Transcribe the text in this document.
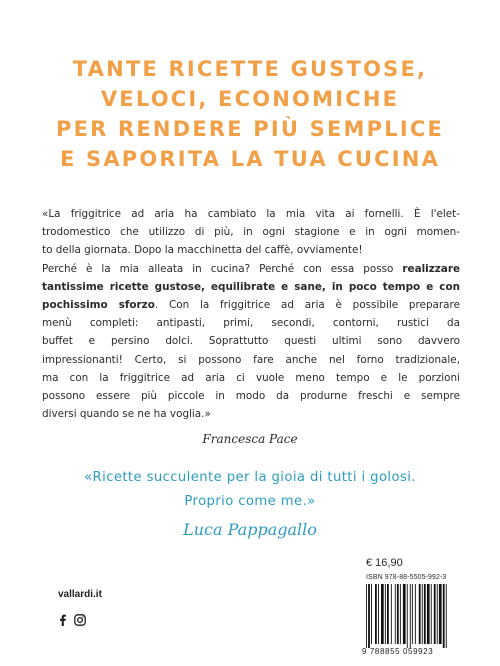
TANTE RICETTE GUSTOSE,
VELOCI, ECONOMICHE
PER RENDERE PIÙ SEMPLICE
E SAPORITA LA TUA CUCINA
«La friggitrice ad aria ha cambiato la mia vita ai fornelli. È l'elet-
trodomestico che utilizzo di più, in ogni stagione e in ogni momen-
to della giornata. Dopo la macchinetta del caffè, ovviamente!
Perché è la mia alleata in cucina? Perché con essa posso realizzare
tantissime ricette gustose, equilibrate e sane, in poco tempo e con
pochissimo sforzo. Con la friggitrice ad aria è possibile preparare
menù completi: antipasti, primi, secondi, contorni, rustici da
buffet e persino dolci. Soprattutto questi ultimi sono davvero
impressionanti! Certo, si possono fare anche nel forno tradizionale,
ma con la friggitrice ad aria ci vuole meno tempo e le porzioni
possono essere più piccole in modo da produrne freschi e sempre
diversi quando se ne ha voglia.»
Francesca Pace
«Ricette succulente per la gioia di tutti i golosi.
Proprio come me.»
Luca Pappagallo
€ 16,90
ISBN 978-88-5505-992-3
9 788855 059923
vallardi.it
